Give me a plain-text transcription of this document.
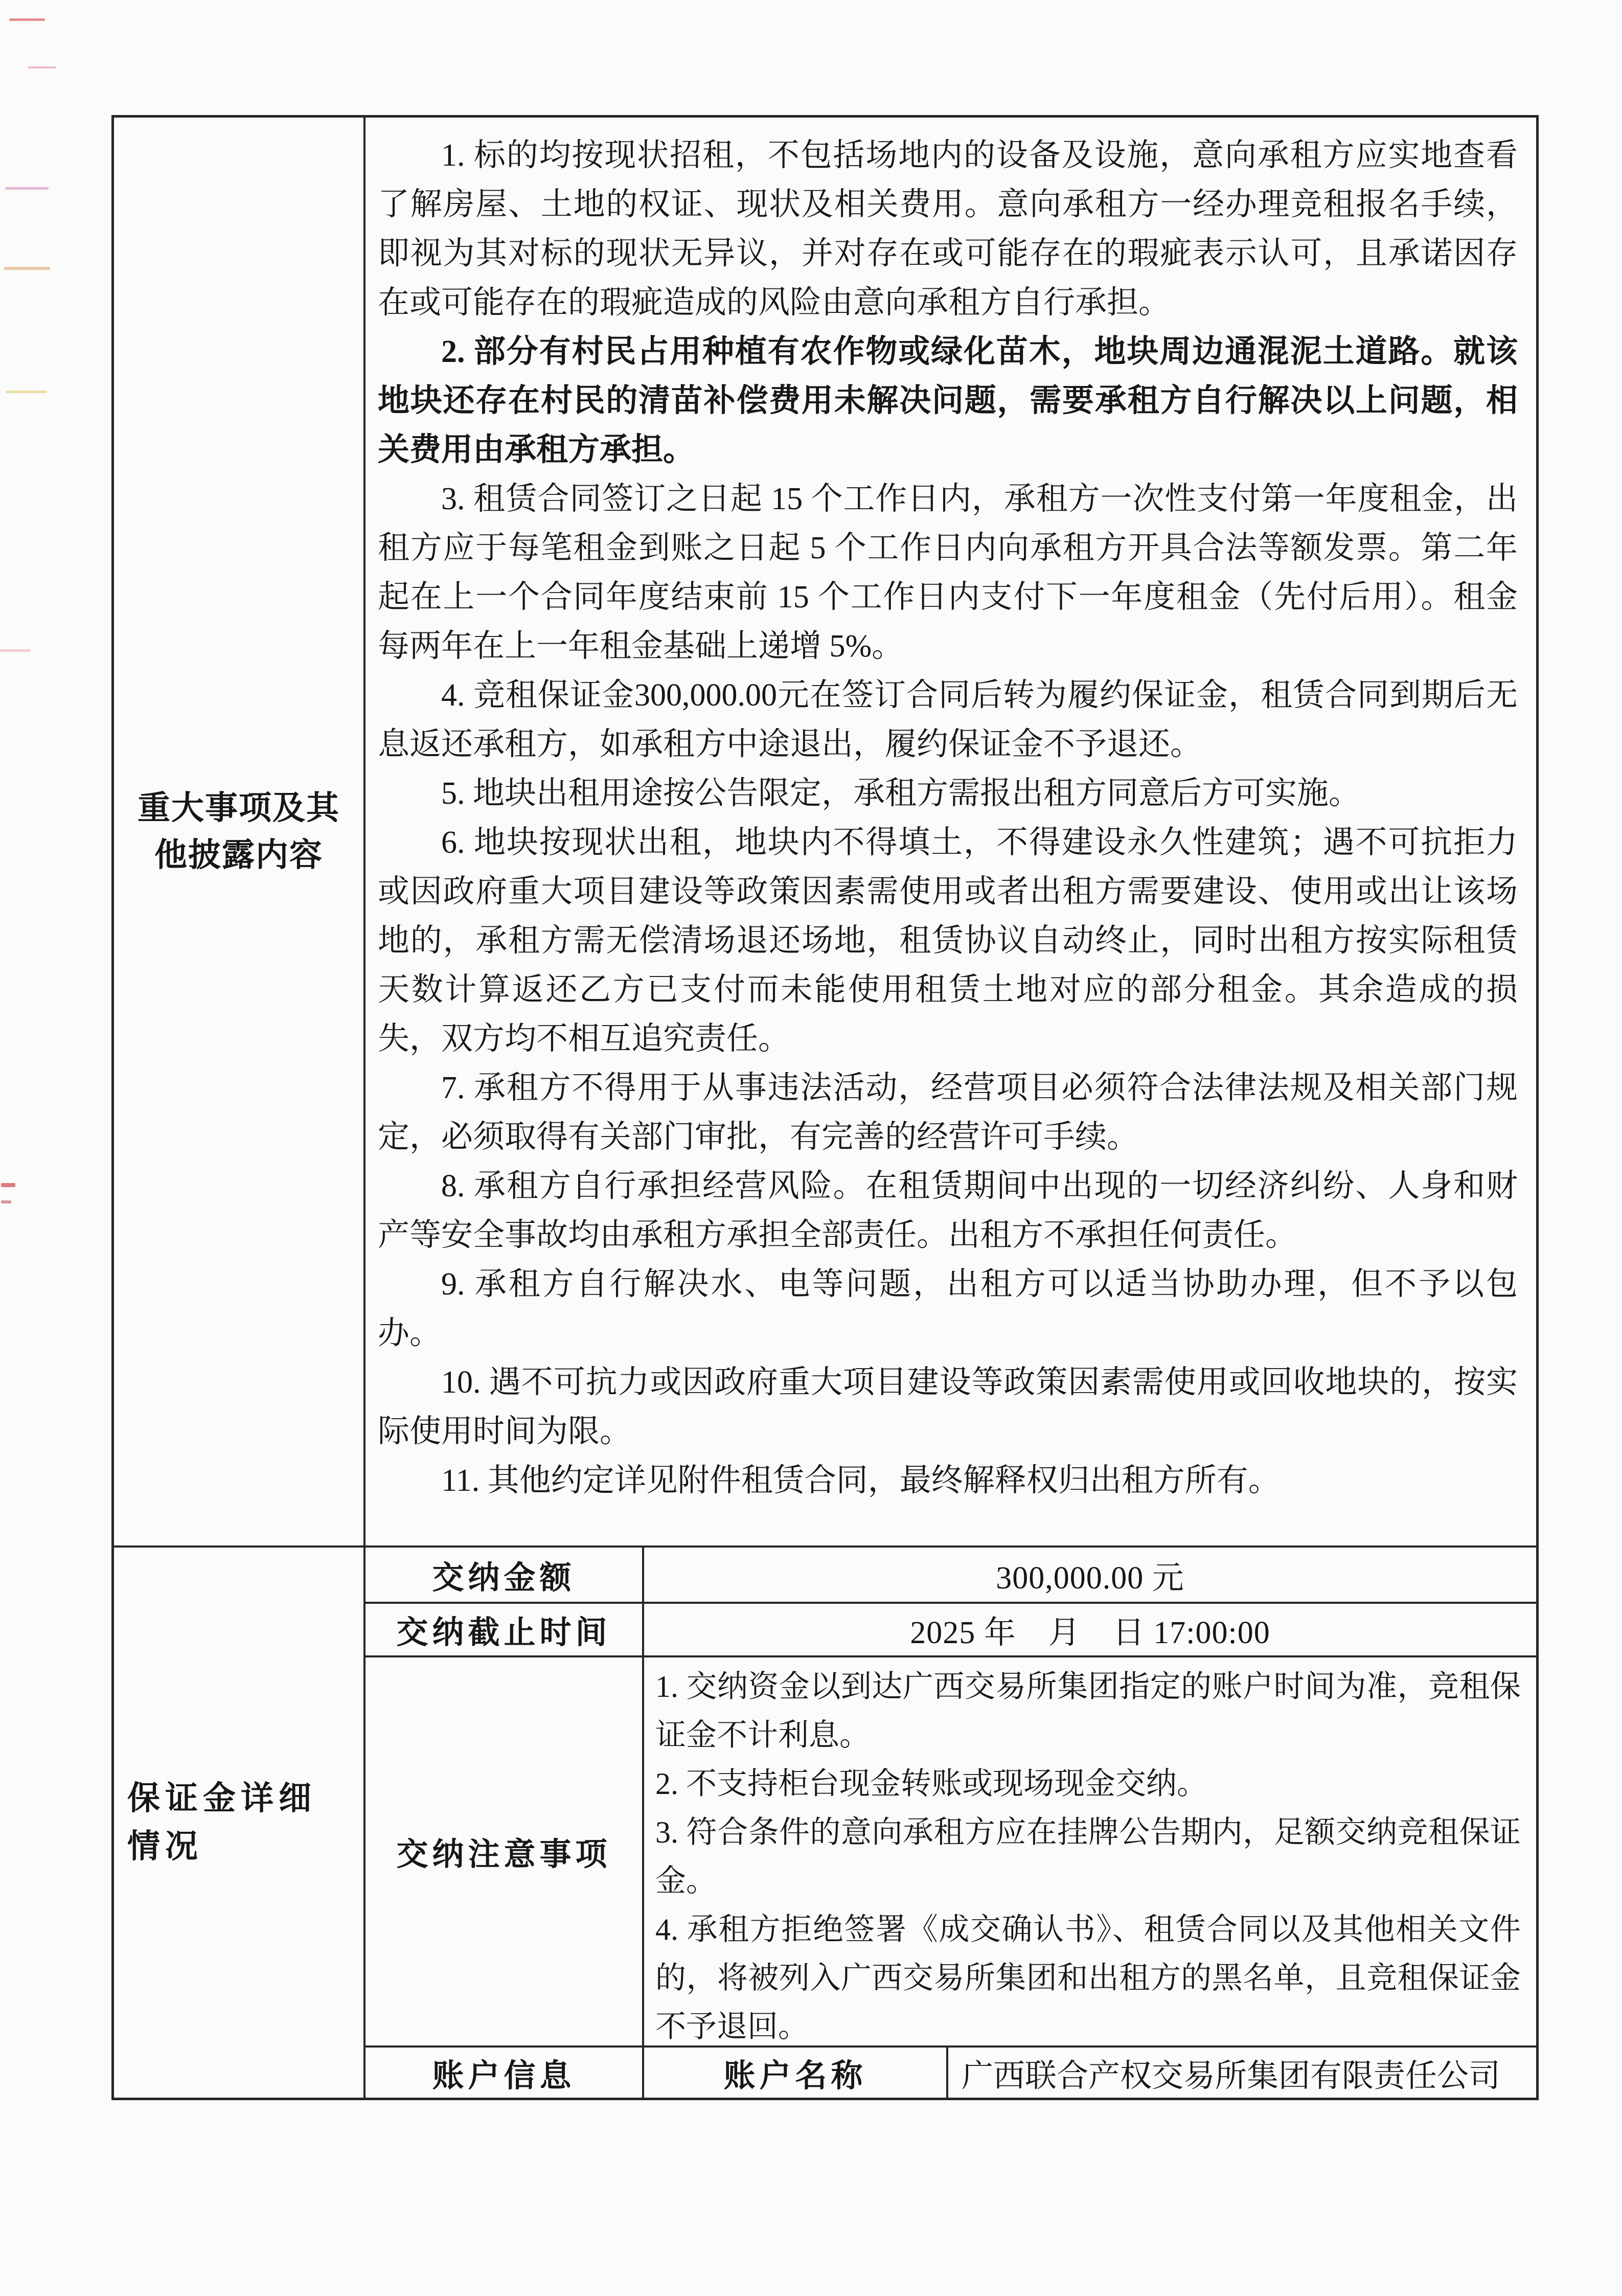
重大事项及其
他披露内容

1. 标的均按现状招租，不包括场地内的设备及设施，意向承租方应实地查看了解房屋、土地的权证、现状及相关费用。意向承租方一经办理竞租报名手续，即视为其对标的现状无异议，并对存在或可能存在的瑕疵表示认可，且承诺因存在或可能存在的瑕疵造成的风险由意向承租方自行承担。

2. 部分有村民占用种植有农作物或绿化苗木，地块周边通混泥土道路。就该地块还存在村民的清苗补偿费用未解决问题，需要承租方自行解决以上问题，相关费用由承租方承担。

3. 租赁合同签订之日起 15 个工作日内，承租方一次性支付第一年度租金，出租方应于每笔租金到账之日起 5 个工作日内向承租方开具合法等额发票。第二年起在上一个合同年度结束前 15 个工作日内支付下一年度租金（先付后用）。租金每两年在上一年租金基础上递增 5%。

4. 竞租保证金300,000.00元在签订合同后转为履约保证金，租赁合同到期后无息返还承租方，如承租方中途退出，履约保证金不予退还。

5. 地块出租用途按公告限定，承租方需报出租方同意后方可实施。

6. 地块按现状出租，地块内不得填土，不得建设永久性建筑；遇不可抗拒力或因政府重大项目建设等政策因素需使用或者出租方需要建设、使用或出让该场地的，承租方需无偿清场退还场地，租赁协议自动终止，同时出租方按实际租赁天数计算返还乙方已支付而未能使用租赁土地对应的部分租金。其余造成的损失，双方均不相互追究责任。

7. 承租方不得用于从事违法活动，经营项目必须符合法律法规及相关部门规定，必须取得有关部门审批，有完善的经营许可手续。

8. 承租方自行承担经营风险。在租赁期间中出现的一切经济纠纷、人身和财产等安全事故均由承租方承担全部责任。出租方不承担任何责任。

9. 承租方自行解决水、电等问题，出租方可以适当协助办理，但不予以包办。

10. 遇不可抗力或因政府重大项目建设等政策因素需使用或回收地块的，按实际使用时间为限。

11. 其他约定详见附件租赁合同，最终解释权归出租方所有。

保证金详细情况
交纳金额	300,000.00 元
交纳截止时间	2025 年　月　日 17:00:00
交纳注意事项

1. 交纳资金以到达广西交易所集团指定的账户时间为准，竞租保证金不计利息。

2. 不支持柜台现金转账或现场现金交纳。

3. 符合条件的意向承租方应在挂牌公告期内，足额交纳竞租保证金。

4. 承租方拒绝签署《成交确认书》、租赁合同以及其他相关文件的，将被列入广西交易所集团和出租方的黑名单，且竞租保证金不予退回。

账户信息	账户名称	广西联合产权交易所集团有限责任公司
